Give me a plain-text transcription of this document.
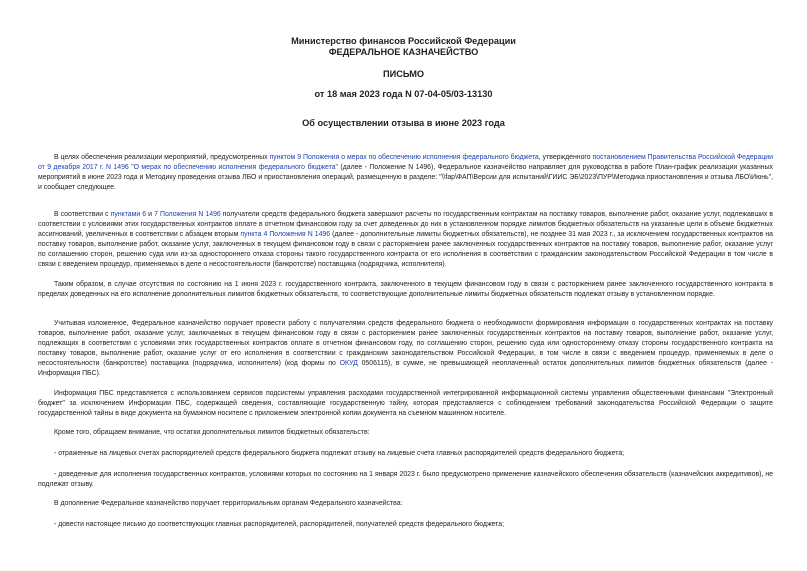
Министерство финансов Российской Федерации
ФЕДЕРАЛЬНОЕ КАЗНАЧЕЙСТВО
ПИСЬМО
от 18 мая 2023 года N 07-04-05/03-13130
Об осуществлении отзыва в июне 2023 года
В целях обеспечения реализации мероприятий, предусмотренных пунктом 9 Положения о мерах по обеспечению исполнения федерального бюджета, утвержденного постановлением Правительства Российской Федерации от 9 декабря 2017 г. N 1496 "О мерах по обеспечению исполнения федерального бюджета" (далее - Положение N 1496), Федеральное казначейство направляет для руководства в работе План-график реализации указанных мероприятий в июне 2023 года и Методику проведения отзыва ЛБО и приостановления операций, размещенную в разделе: "\\fap\ФАП\Версии для испытаний\ГИИС ЭБ\2023\ПУР\Методика приостановления и отзыва ЛБО\Июнь", и сообщает следующее.
В соответствии с пунктами 6 и 7 Положения N 1496 получатели средств федерального бюджета завершают расчеты по государственным контрактам на поставку товаров, выполнение работ, оказание услуг, подлежавших в соответствии с условиями этих государственных контрактов оплате в отчетном финансовом году за счет доведенных до них в установленном порядке лимитов бюджетных обязательств на указанные цели в объеме бюджетных ассигнований, увеличенных в соответствии с абзацем вторым пункта 4 Положения N 1496 (далее - дополнительные лимиты бюджетных обязательств), не позднее 31 мая 2023 г., за исключением государственных контрактов на поставку товаров, выполнение работ, оказание услуг, заключенных в текущем финансовом году в связи с расторжением ранее заключенных государственных контрактов на поставку товаров, выполнение работ, оказание услуг по соглашению сторон, решению суда или из-за одностороннего отказа стороны такого государственного контракта от его исполнения в соответствии с гражданским законодательством Российской Федерации в том числе в связи с введением процедур, применяемых в деле о несостоятельности (банкротстве) поставщика (подрядчика, исполнителя).
Таким образом, в случае отсутствия по состоянию на 1 июня 2023 г. государственного контракта, заключенного в текущем финансовом году в связи с расторжением ранее заключенного государственного контракта в пределах доведенных на его исполнение дополнительных лимитов бюджетных обязательств, то соответствующие дополнительные лимиты бюджетных обязательств подлежат отзыву в установленном порядке.
Учитывая изложенное, Федеральное казначейство поручает провести работу с получателями средств федерального бюджета о необходимости формирования информации о государственных контрактах на поставку товаров, выполнение работ, оказание услуг, заключаемых в текущем финансовом году в связи с расторжением ранее заключенных государственных контрактов на поставку товаров, выполнение работ, оказание услуг, подлежащих в соответствии с условиями этих государственных контрактов оплате в отчетном финансовом году, по соглашению сторон, решению суда или одностороннему отказу стороны государственного контракта на поставку товаров, выполнение работ, оказание услуг от его исполнения в соответствии с гражданским законодательством Российской Федерации, в том числе в связи с введением процедур, применяемых в деле о несостоятельности (банкротстве) поставщика (подрядчика, исполнителя) (код формы по ОКУД 0506115), в сумме, не превышающей неоплаченный остаток дополнительных лимитов бюджетных обязательств (далее - Информация ПБС).
Информация ПБС представляется с использованием сервисов подсистемы управления расходами государственной интегрированной информационной системы управления общественными финансами "Электронный бюджет" за исключением Информации ПБС, содержащей сведения, составляющие государственную тайну, которая представляется с соблюдением требований законодательства Российской Федерации о защите государственной тайны в виде документа на бумажном носителе с приложением электронной копии документа на съемном машинном носителе.
Кроме того, обращаем внимание, что остатки дополнительных лимитов бюджетных обязательств:
- отраженные на лицевых счетах распорядителей средств федерального бюджета подлежат отзыву на лицевые счета главных распорядителей средств федерального бюджета;
- доведенные для исполнения государственных контрактов, условиями которых по состоянию на 1 января 2023 г. было предусмотрено применение казначейского обеспечения обязательств (казначейских аккредитивов), не подлежат отзыву.
В дополнение Федеральное казначейство поручает территориальным органам Федерального казначейства:
- довести настоящее письмо до соответствующих главных распорядителей, распорядителей, получателей средств федерального бюджета;
